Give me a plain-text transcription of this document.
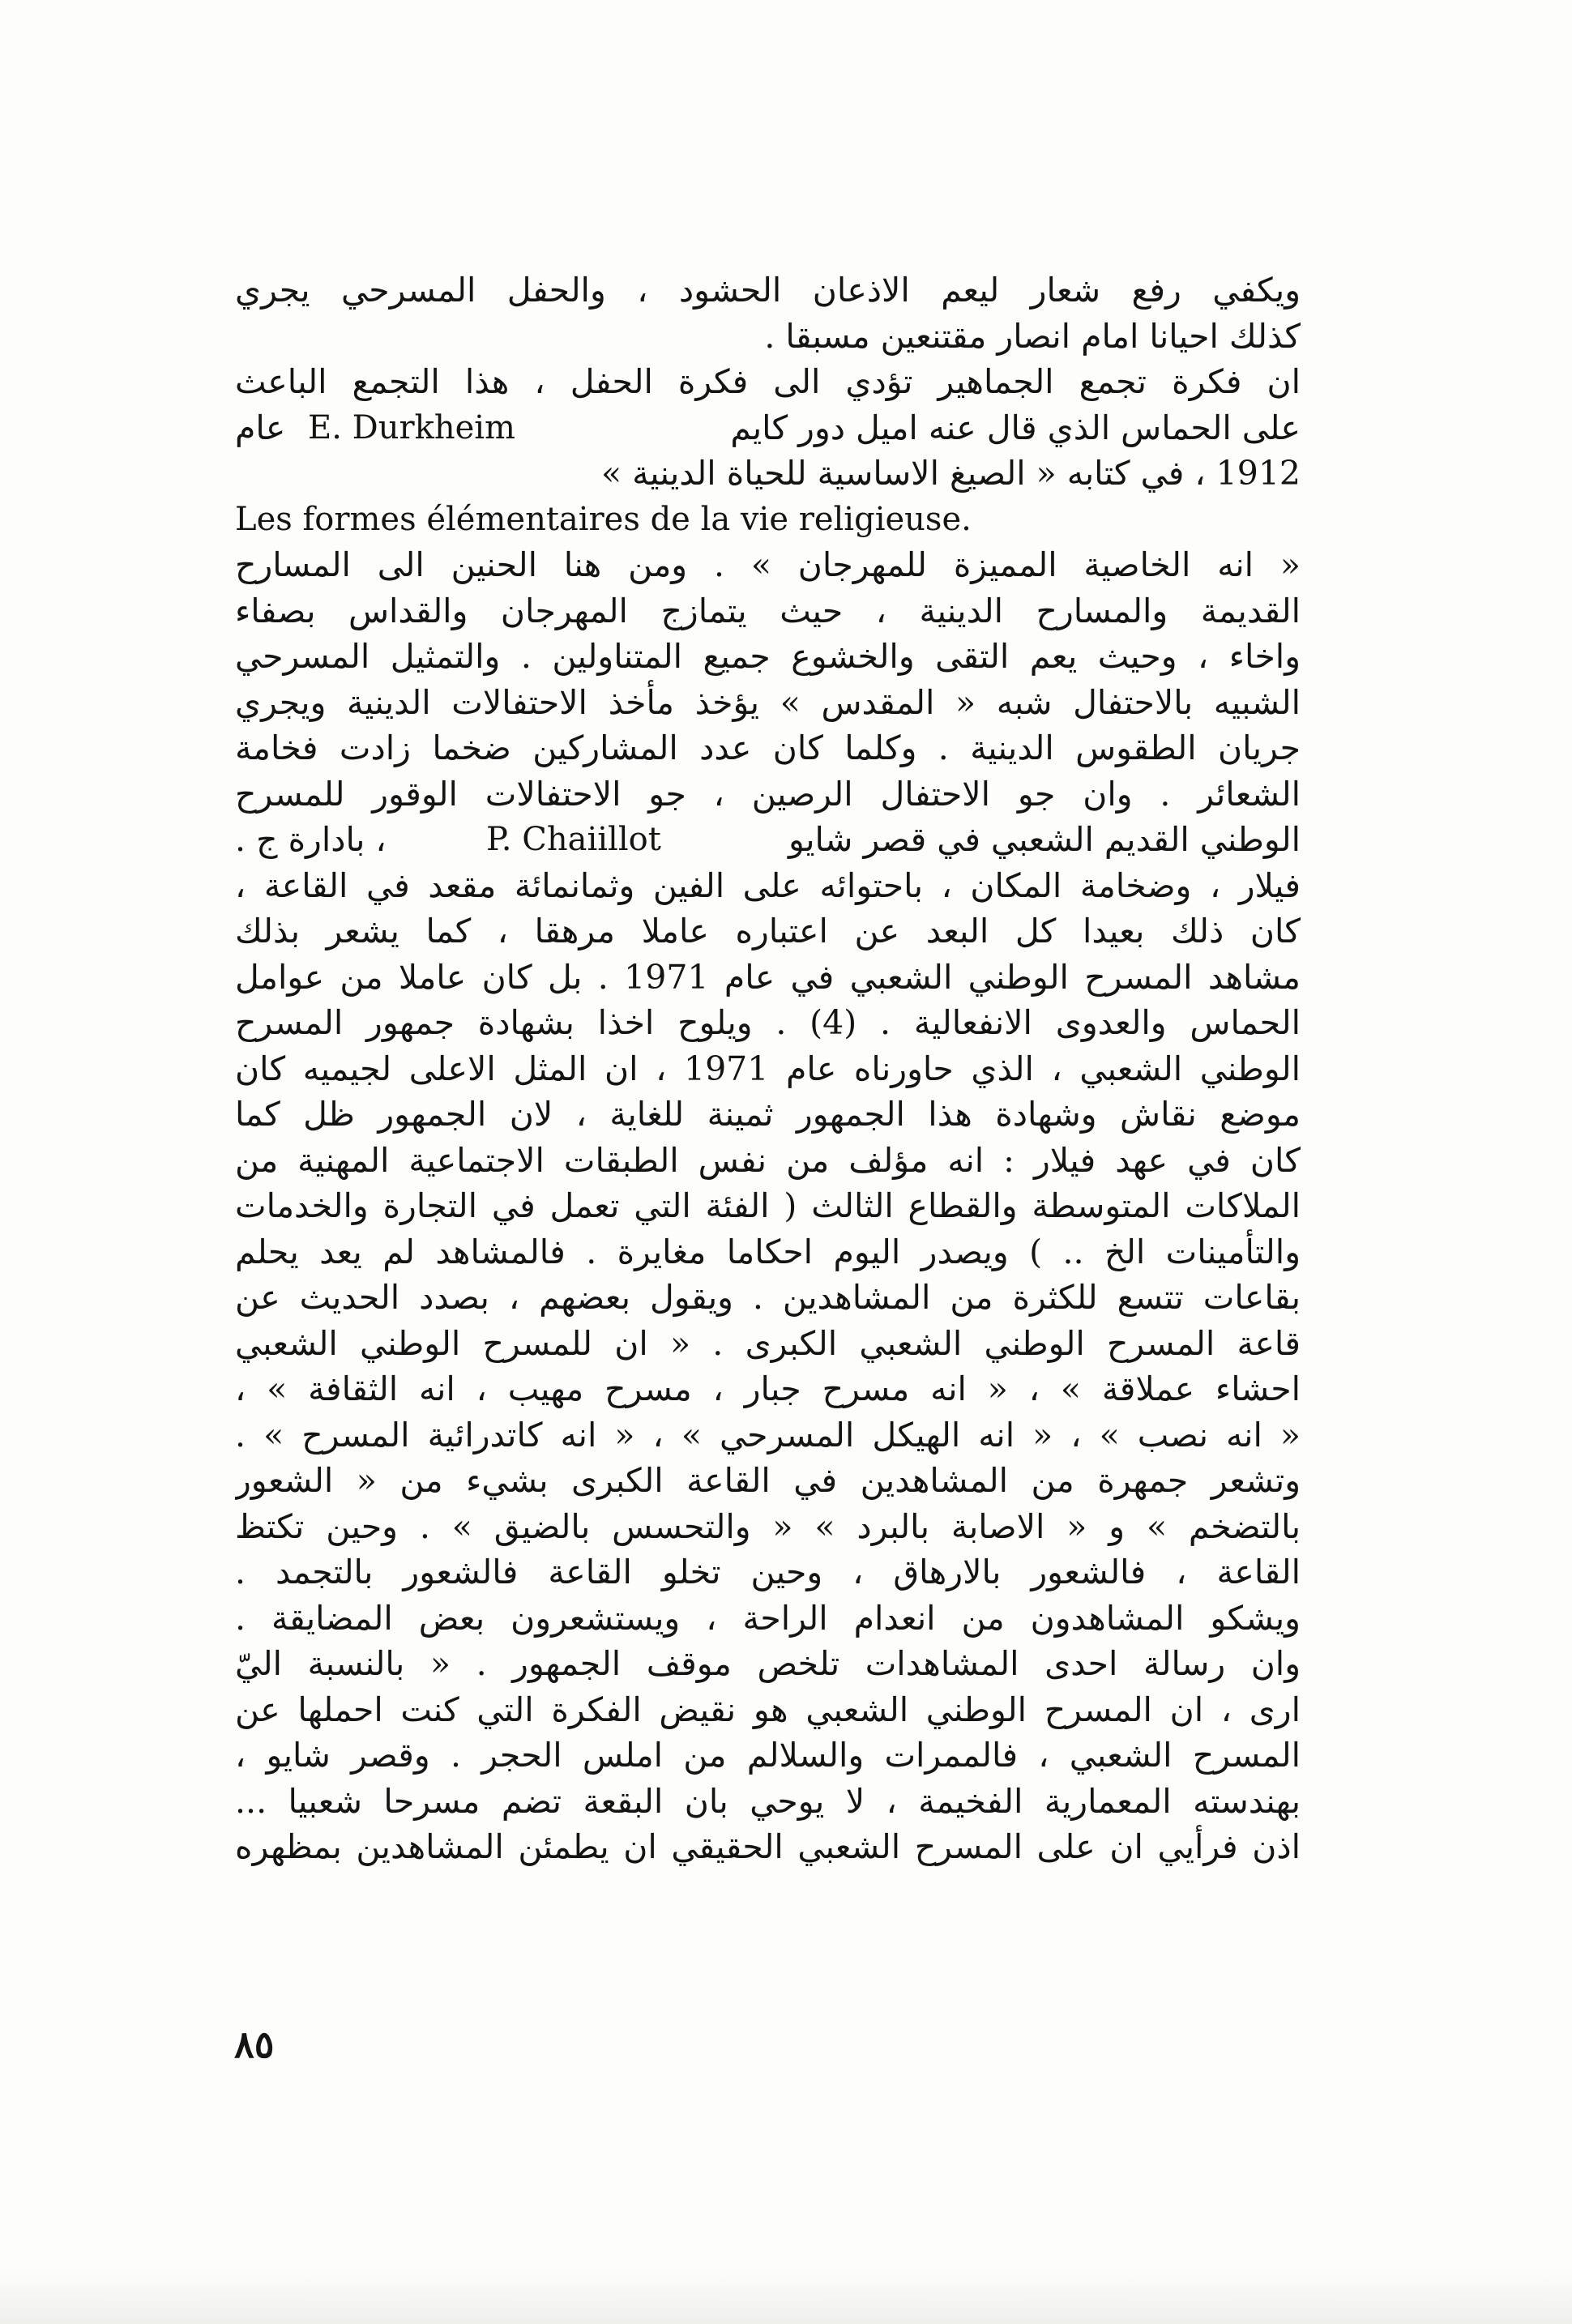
ويكفي رفع شعار ليعم الاذعان الحشود ، والحفل المسرحي يجري
كذلك احيانا امام انصار مقتنعين مسبقا .
ان فكرة تجمع الجماهير تؤدي الى فكرة الحفل ، هذا التجمع الباعث
على الحماس الذي قال عنه اميل دور كايم
E. Durkheim
عام
1912 ، في كتابه « الصيغ الاساسية للحياة الدينية »
Les formes élémentaires de la vie religieuse.
« انه الخاصية المميزة للمهرجان » . ومن هنا الحنين الى المسارح
القديمة والمسارح الدينية ، حيث يتمازج المهرجان والقداس بصفاء
واخاء ، وحيث يعم التقى والخشوع جميع المتناولين . والتمثيل المسرحي
الشبيه بالاحتفال شبه « المقدس » يؤخذ مأخذ الاحتفالات الدينية ويجري
جريان الطقوس الدينية . وكلما كان عدد المشاركين ضخما زادت فخامة
الشعائر . وان جو الاحتفال الرصين ، جو الاحتفالات الوقور للمسرح
الوطني القديم الشعبي في قصر شايو
P. Chaiillot
، بادارة ج .
فيلار ، وضخامة المكان ، باحتوائه على الفين وثمانمائة مقعد في القاعة ،
كان ذلك بعيدا كل البعد عن اعتباره عاملا مرهقا ، كما يشعر بذلك
مشاهد المسرح الوطني الشعبي في عام 1971 . بل كان عاملا من عوامل
الحماس والعدوى الانفعالية . (4) . ويلوح اخذا بشهادة جمهور المسرح
الوطني الشعبي ، الذي حاورناه عام 1971 ، ان المثل الاعلى لجيميه كان
موضع نقاش وشهادة هذا الجمهور ثمينة للغاية ، لان الجمهور ظل كما
كان في عهد فيلار : انه مؤلف من نفس الطبقات الاجتماعية المهنية من
الملاكات المتوسطة والقطاع الثالث ( الفئة التي تعمل في التجارة والخدمات
والتأمينات الخ .. ) ويصدر اليوم احكاما مغايرة . فالمشاهد لم يعد يحلم
بقاعات تتسع للكثرة من المشاهدين . ويقول بعضهم ، بصدد الحديث عن
قاعة المسرح الوطني الشعبي الكبرى . « ان للمسرح الوطني الشعبي
احشاء عملاقة » ، « انه مسرح جبار ، مسرح مهيب ، انه الثقافة » ،
« انه نصب » ، « انه الهيكل المسرحي » ، « انه كاتدرائية المسرح » .
وتشعر جمهرة من المشاهدين في القاعة الكبرى بشيء من « الشعور
بالتضخم » و « الاصابة بالبرد » « والتحسس بالضيق » . وحين تكتظ
القاعة ، فالشعور بالارهاق ، وحين تخلو القاعة فالشعور بالتجمد .
ويشكو المشاهدون من انعدام الراحة ، ويستشعرون بعض المضايقة .
وان رسالة احدى المشاهدات تلخص موقف الجمهور . « بالنسبة اليّ
ارى ، ان المسرح الوطني الشعبي هو نقيض الفكرة التي كنت احملها عن
المسرح الشعبي ، فالممرات والسلالم من املس الحجر . وقصر شايو ،
بهندسته المعمارية الفخيمة ، لا يوحي بان البقعة تضم مسرحا شعبيا ...
اذن فرأيي ان على المسرح الشعبي الحقيقي ان يطمئن المشاهدين بمظهره
٨٥
